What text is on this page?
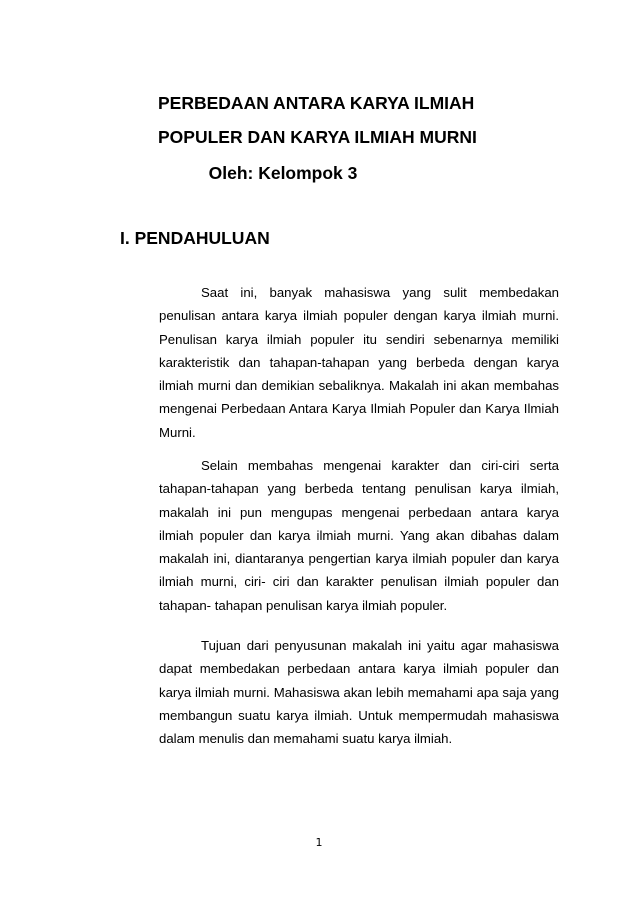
PERBEDAAN ANTARA KARYA ILMIAH

POPULER DAN KARYA ILMIAH MURNI

Oleh: Kelompok 3
I. PENDAHULUAN

Saat ini, banyak mahasiswa yang sulit membedakan penulisan antara karya ilmiah populer dengan karya ilmiah murni. Penulisan karya ilmiah populer itu sendiri sebenarnya memiliki karakteristik dan tahapan-tahapan yang berbeda dengan karya ilmiah murni dan demikian sebaliknya. Makalah ini akan membahas mengenai Perbedaan Antara Karya Ilmiah Populer dan Karya Ilmiah Murni.

Selain membahas mengenai karakter dan ciri-ciri serta tahapan-tahapan yang berbeda tentang penulisan karya ilmiah, makalah ini pun mengupas mengenai perbedaan antara karya ilmiah populer dan karya ilmiah murni. Yang akan dibahas dalam makalah ini, diantaranya pengertian karya ilmiah populer dan karya ilmiah murni, ciri- ciri dan karakter penulisan ilmiah populer dan tahapan- tahapan penulisan karya ilmiah populer.

Tujuan dari penyusunan makalah ini yaitu agar mahasiswa dapat membedakan perbedaan antara karya ilmiah populer dan karya ilmiah murni. Mahasiswa akan lebih memahami apa saja yang membangun suatu karya ilmiah. Untuk mempermudah mahasiswa dalam menulis dan memahami suatu karya ilmiah.

1
